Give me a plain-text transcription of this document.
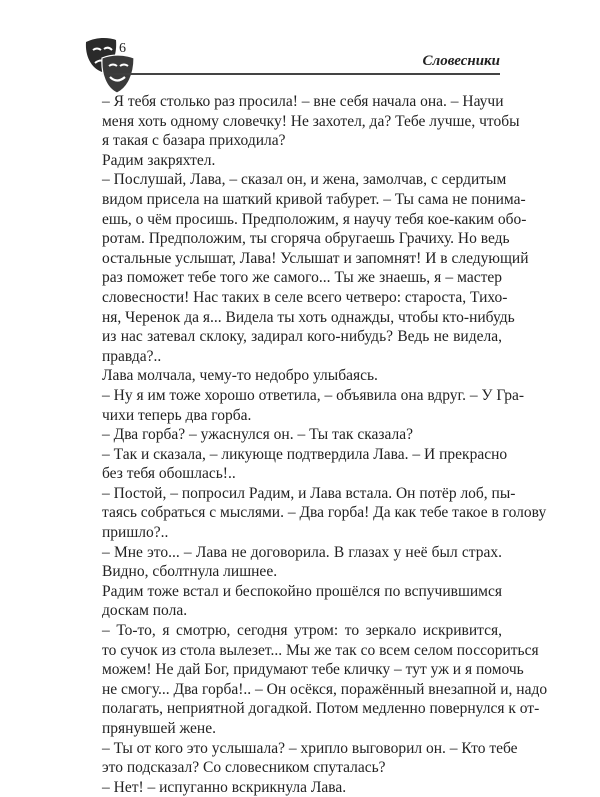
6
Словесники

– Я тебя столько раз просила! – вне себя начала она. – Научи
меня хоть одному словечку! Не захотел, да? Тебе лучше, чтобы
я такая с базара приходила?

Радим закряхтел.

– Послушай, Лава, – сказал он, и жена, замолчав, с сердитым
видом присела на шаткий кривой табурет. – Ты сама не понима-
ешь, о чём просишь. Предположим, я научу тебя кое-каким обо-
ротам. Предположим, ты сгоряча обругаешь Грачиху. Но ведь
остальные услышат, Лава! Услышат и запомнят! И в следующий
раз поможет тебе того же самого... Ты же знаешь, я – мастер
словесности! Нас таких в селе всего четверо: староста, Тихо-
ня, Черенок да я... Видела ты хоть однажды, чтобы кто-нибудь
из нас затевал склоку, задирал кого-нибудь? Ведь не видела,
правда?..

Лава молчала, чему-то недобро улыбаясь.

– Ну я им тоже хорошо ответила, – объявила она вдруг. – У Гра-
чихи теперь два горба.

– Два горба? – ужаснулся он. – Ты так сказала?

– Так и сказала, – ликующе подтвердила Лава. – И прекрасно
без тебя обошлась!..

– Постой, – попросил Радим, и Лава встала. Он потёр лоб, пы-
таясь собраться с мыслями. – Два горба! Да как тебе такое в голову
пришло?..

– Мне это... – Лава не договорила. В глазах у неё был страх.
Видно, сболтнула лишнее.

Радим тоже встал и беспокойно прошёлся по вспучившимся
доскам пола.

– То-то, я смотрю, сегодня утром: то зеркало искривится,
то сучок из стола вылезет... Мы же так со всем селом поссориться
можем! Не дай Бог, придумают тебе кличку – тут уж и я помочь
не смогу... Два горба!.. – Он осёкся, поражённый внезапной и, надо
полагать, неприятной догадкой. Потом медленно повернулся к от-
прянувшей жене.

– Ты от кого это услышала? – хрипло выговорил он. – Кто тебе
это подсказал? Со словесником спуталась?

– Нет! – испуганно вскрикнула Лава.
